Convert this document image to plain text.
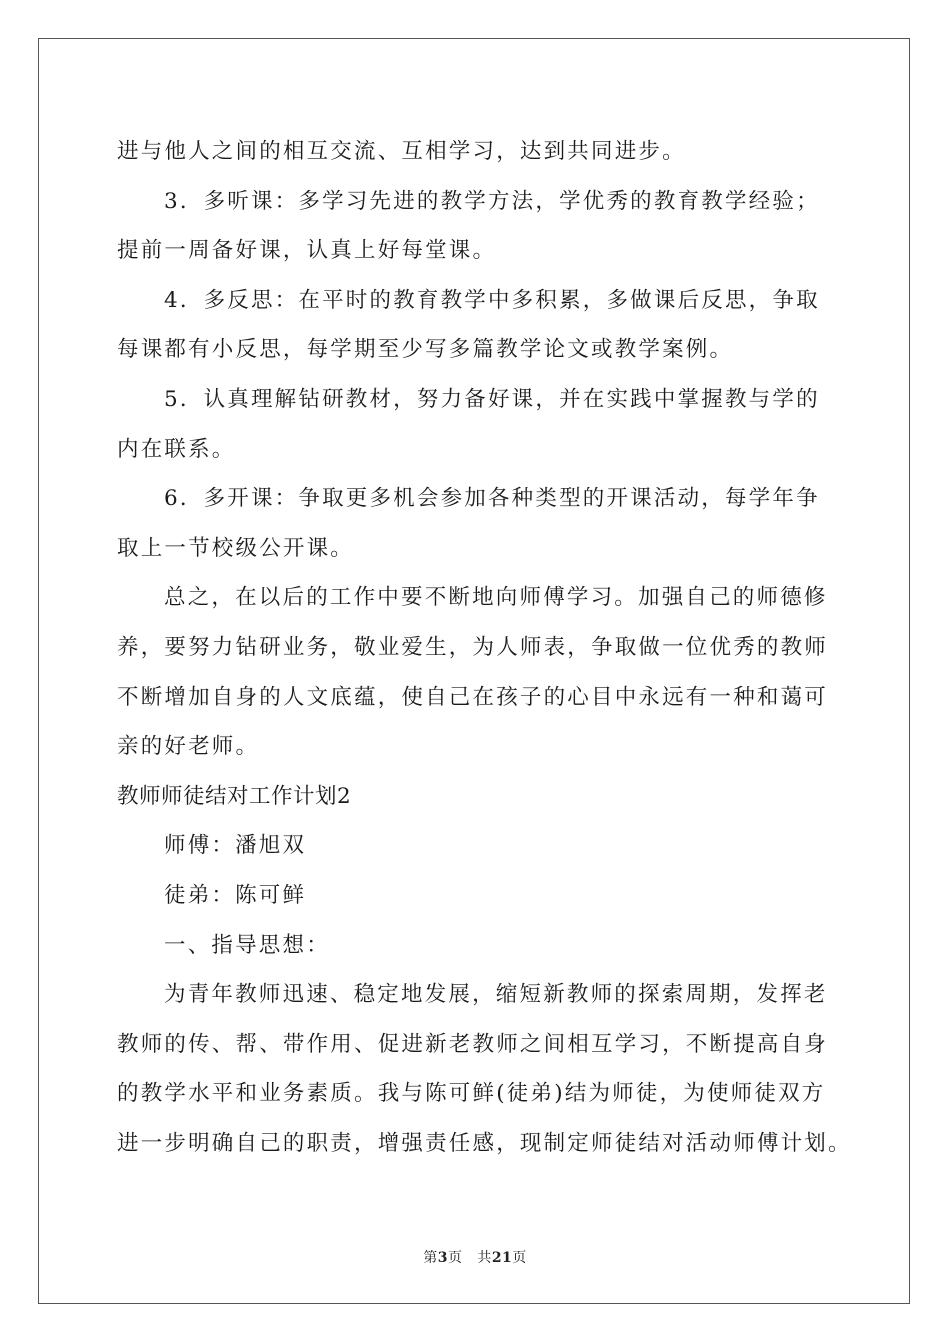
进与他人之间的相互交流、互相学习，达到共同进步。
3．多听课：多学习先进的教学方法，学优秀的教育教学经验；
提前一周备好课，认真上好每堂课。
4．多反思：在平时的教育教学中多积累，多做课后反思，争取
每课都有小反思，每学期至少写多篇教学论文或教学案例。
5．认真理解钻研教材，努力备好课，并在实践中掌握教与学的
内在联系。
6．多开课：争取更多机会参加各种类型的开课活动，每学年争
取上一节校级公开课。
总之，在以后的工作中要不断地向师傅学习。加强自己的师德修
养，要努力钻研业务，敬业爱生，为人师表，争取做一位优秀的教师
不断增加自身的人文底蕴，使自己在孩子的心目中永远有一种和蔼可
亲的好老师。
教师师徒结对工作计划2
师傅：潘旭双
徒弟：陈可鲜
一、指导思想：
为青年教师迅速、稳定地发展，缩短新教师的探索周期，发挥老
教师的传、帮、带作用、促进新老教师之间相互学习，不断提高自身
的教学水平和业务素质。我与陈可鲜(徒弟)结为师徒，为使师徒双方
进一步明确自己的职责，增强责任感，现制定师徒结对活动师傅计划。
第3页 共21页
